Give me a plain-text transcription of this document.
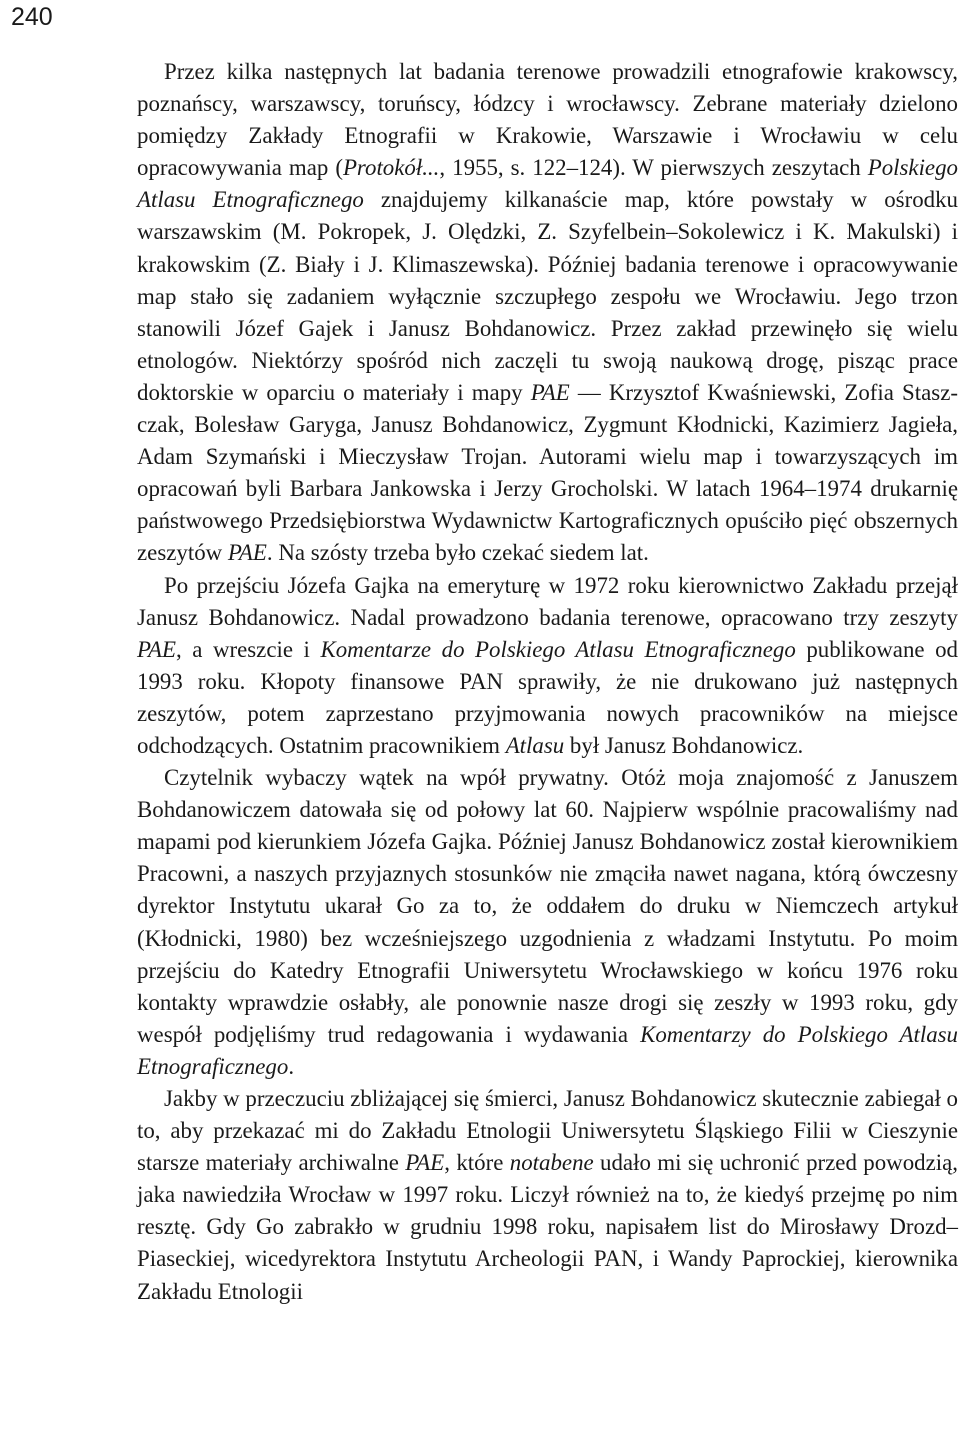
240

Przez kilka następnych lat badania terenowe prowadzili etnografowie krakowscy, poznańscy, warszawscy, toruńscy, łódzcy i wrocławscy. Zebrane materiały dzielono pomiędzy Zakłady Etnografii w Krakowie, Warszawie i Wrocławiu w celu opracowywania map (Protokół..., 1955, s. 122–124). W pierwszych zeszytach Polskiego Atlasu Etnograficznego znajdujemy kilkanaście map, które powstały w ośrodku warszawskim (M. Pokropek, J. Olędzki, Z. Szyfelbein–Sokolewicz i K. Makulski) i krakowskim (Z. Biały i J. Klimaszewska). Później badania terenowe i opracowywanie map stało się zadaniem wyłącznie szczupłego zespołu we Wrocławiu. Jego trzon stanowili Józef Gajek i Janusz Bohdanowicz. Przez zakład przewinęło się wielu etnologów. Niektórzy spośród nich zaczęli tu swoją naukową drogę, pisząc prace doktorskie w oparciu o materiały i mapy PAE — Krzysztof Kwaśniewski, Zofia Staszczak, Bolesław Garyga, Janusz Bohdanowicz, Zygmunt Kłodnicki, Kazimierz Jagieła, Adam Szymański i Mieczysław Trojan. Autorami wielu map i towarzyszących im opracowań byli Barbara Jankowska i Jerzy Grocholski. W latach 1964–1974 drukarnię państwowego Przedsiębiorstwa Wydawnictw Kartograficznych opuściło pięć obszernych zeszytów PAE. Na szósty trzeba było czekać siedem lat.

Po przejściu Józefa Gajka na emeryturę w 1972 roku kierownictwo Zakładu przejął Janusz Bohdanowicz. Nadal prowadzono badania terenowe, opracowano trzy zeszyty PAE, a wreszcie i Komentarze do Polskiego Atlasu Etnograficznego publikowane od 1993 roku. Kłopoty finansowe PAN sprawiły, że nie drukowano już następnych zeszytów, potem zaprzestano przyjmowania nowych pracowników na miejsce odchodzących. Ostatnim pracownikiem Atlasu był Janusz Bohdanowicz.

Czytelnik wybaczy wątek na wpół prywatny. Otóż moja znajomość z Januszem Bohdanowiczem datowała się od połowy lat 60. Najpierw wspólnie pracowaliśmy nad mapami pod kierunkiem Józefa Gajka. Później Janusz Bohdanowicz został kierownikiem Pracowni, a naszych przyjaznych stosunków nie zmąciła nawet nagana, którą ówczesny dyrektor Instytutu ukarał Go za to, że oddałem do druku w Niemczech artykuł (Kłodnicki, 1980) bez wcześniejszego uzgodnienia z władzami Instytutu. Po moim przejściu do Katedry Etnografii Uniwersytetu Wrocławskiego w końcu 1976 roku kontakty wprawdzie osłabły, ale ponownie nasze drogi się zeszły w 1993 roku, gdy wespół podjęliśmy trud redagowania i wydawania Komentarzy do Polskiego Atlasu Etnograficznego.

Jakby w przeczuciu zbliżającej się śmierci, Janusz Bohdanowicz skutecznie zabiegał o to, aby przekazać mi do Zakładu Etnologii Uniwersytetu Śląskiego Filii w Cieszynie starsze materiały archiwalne PAE, które notabene udało mi się uchronić przed powodzią, jaka nawiedziła Wrocław w 1997 roku. Liczył również na to, że kiedyś przejmę po nim resztę. Gdy Go zabrakło w grudniu 1998 roku, napisałem list do Mirosławy Drozd–Piaseckiej, wicedyrektora Instytutu Archeologii PAN, i Wandy Paprockiej, kierownika Zakładu Etnologii
